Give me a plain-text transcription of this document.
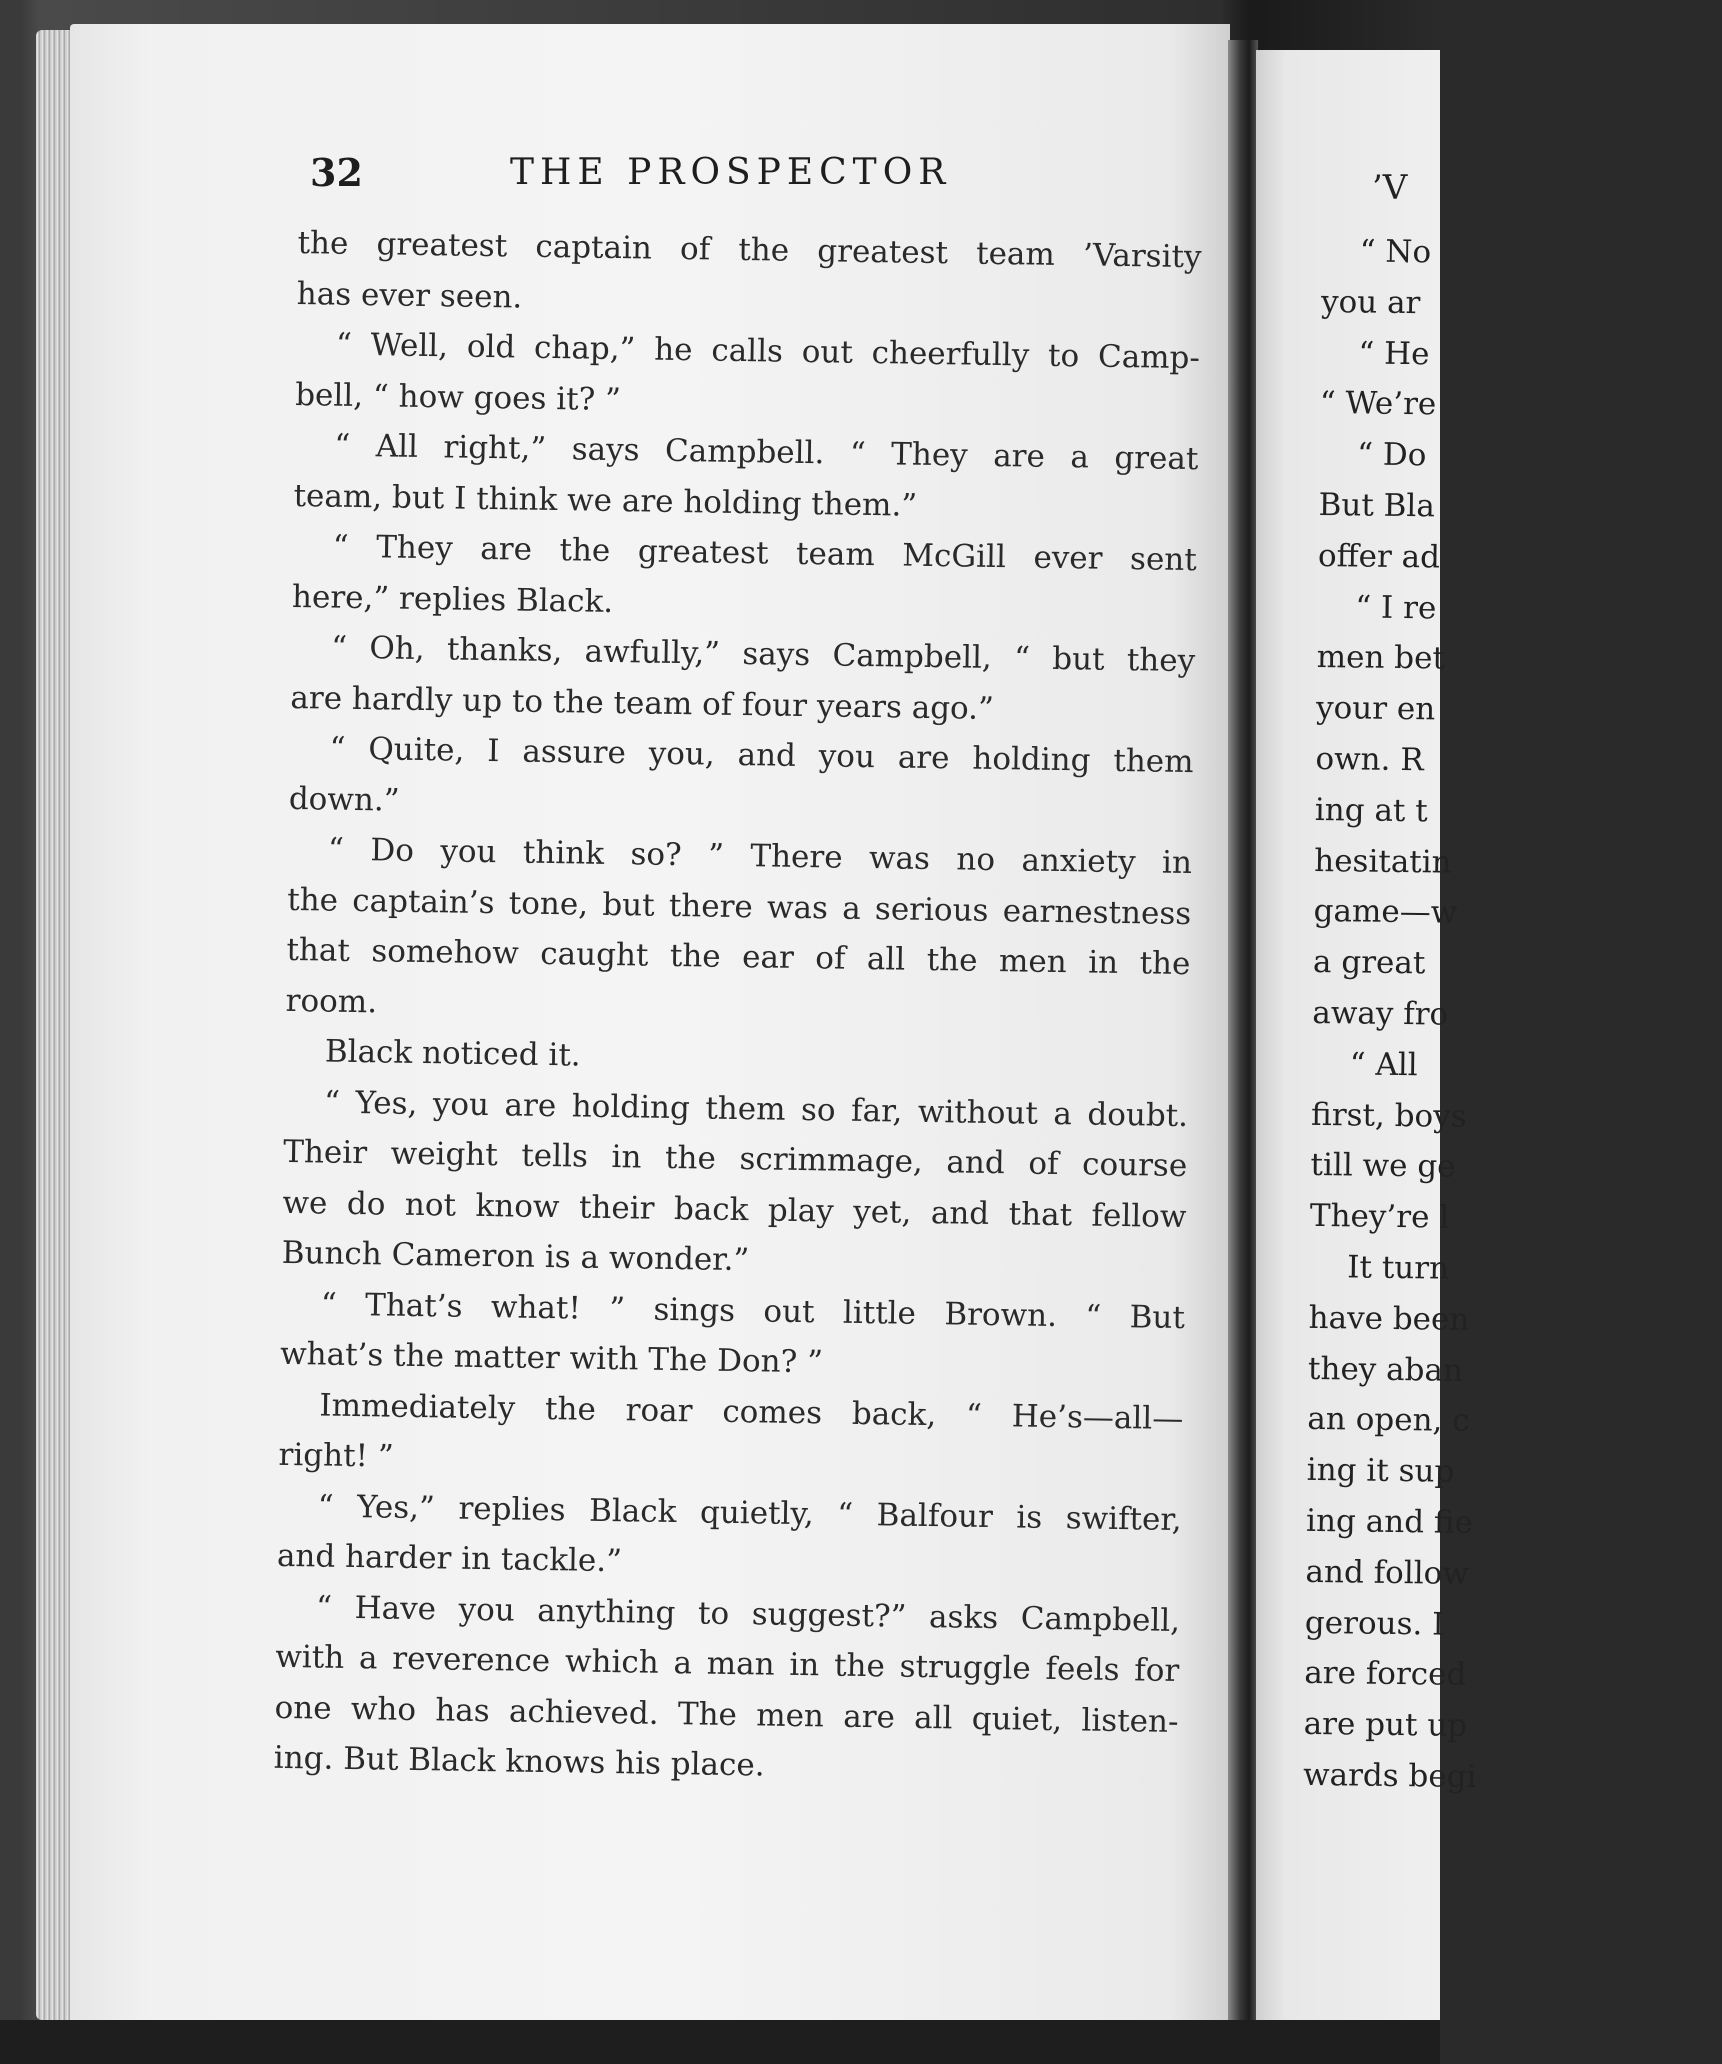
’V
“ No
you ar
“ He
“ We’re
“ Do
But Bla
offer ad
“ I re
men bet
your en
own. R
ing at t
hesitatin
game—w
a great
away fro
“ All
first, boys
till we ge
They’re l
It turn
have been
they aban
an open, c
ing it sup
ing and fie
and follow
gerous. I
are forced
are put up
wards begi
32	THE PROSPECTOR
the greatest captain of the greatest team ’Varsity
has ever seen.
“ Well, old chap,” he calls out cheerfully to Camp-
bell, “ how goes it? ”
“ All right,” says Campbell. “ They are a great
team, but I think we are holding them.”
“ They are the greatest team McGill ever sent
here,” replies Black.
“ Oh, thanks, awfully,” says Campbell, “ but they
are hardly up to the team of four years ago.”
“ Quite, I assure you, and you are holding them
down.”
“ Do you think so? ” There was no anxiety in
the captain’s tone, but there was a serious earnestness
that somehow caught the ear of all the men in the
room.
Black noticed it.
“ Yes, you are holding them so far, without a doubt.
Their weight tells in the scrimmage, and of course
we do not know their back play yet, and that fellow
Bunch Cameron is a wonder.”
“ That’s what! ” sings out little Brown. “ But
what’s the matter with The Don? ”
Immediately the roar comes back, “ He’s—all—
right! ”
“ Yes,” replies Black quietly, “ Balfour is swifter,
and harder in tackle.”
“ Have you anything to suggest?” asks Campbell,
with a reverence which a man in the struggle feels for
one who has achieved. The men are all quiet, listen-
ing. But Black knows his place.
